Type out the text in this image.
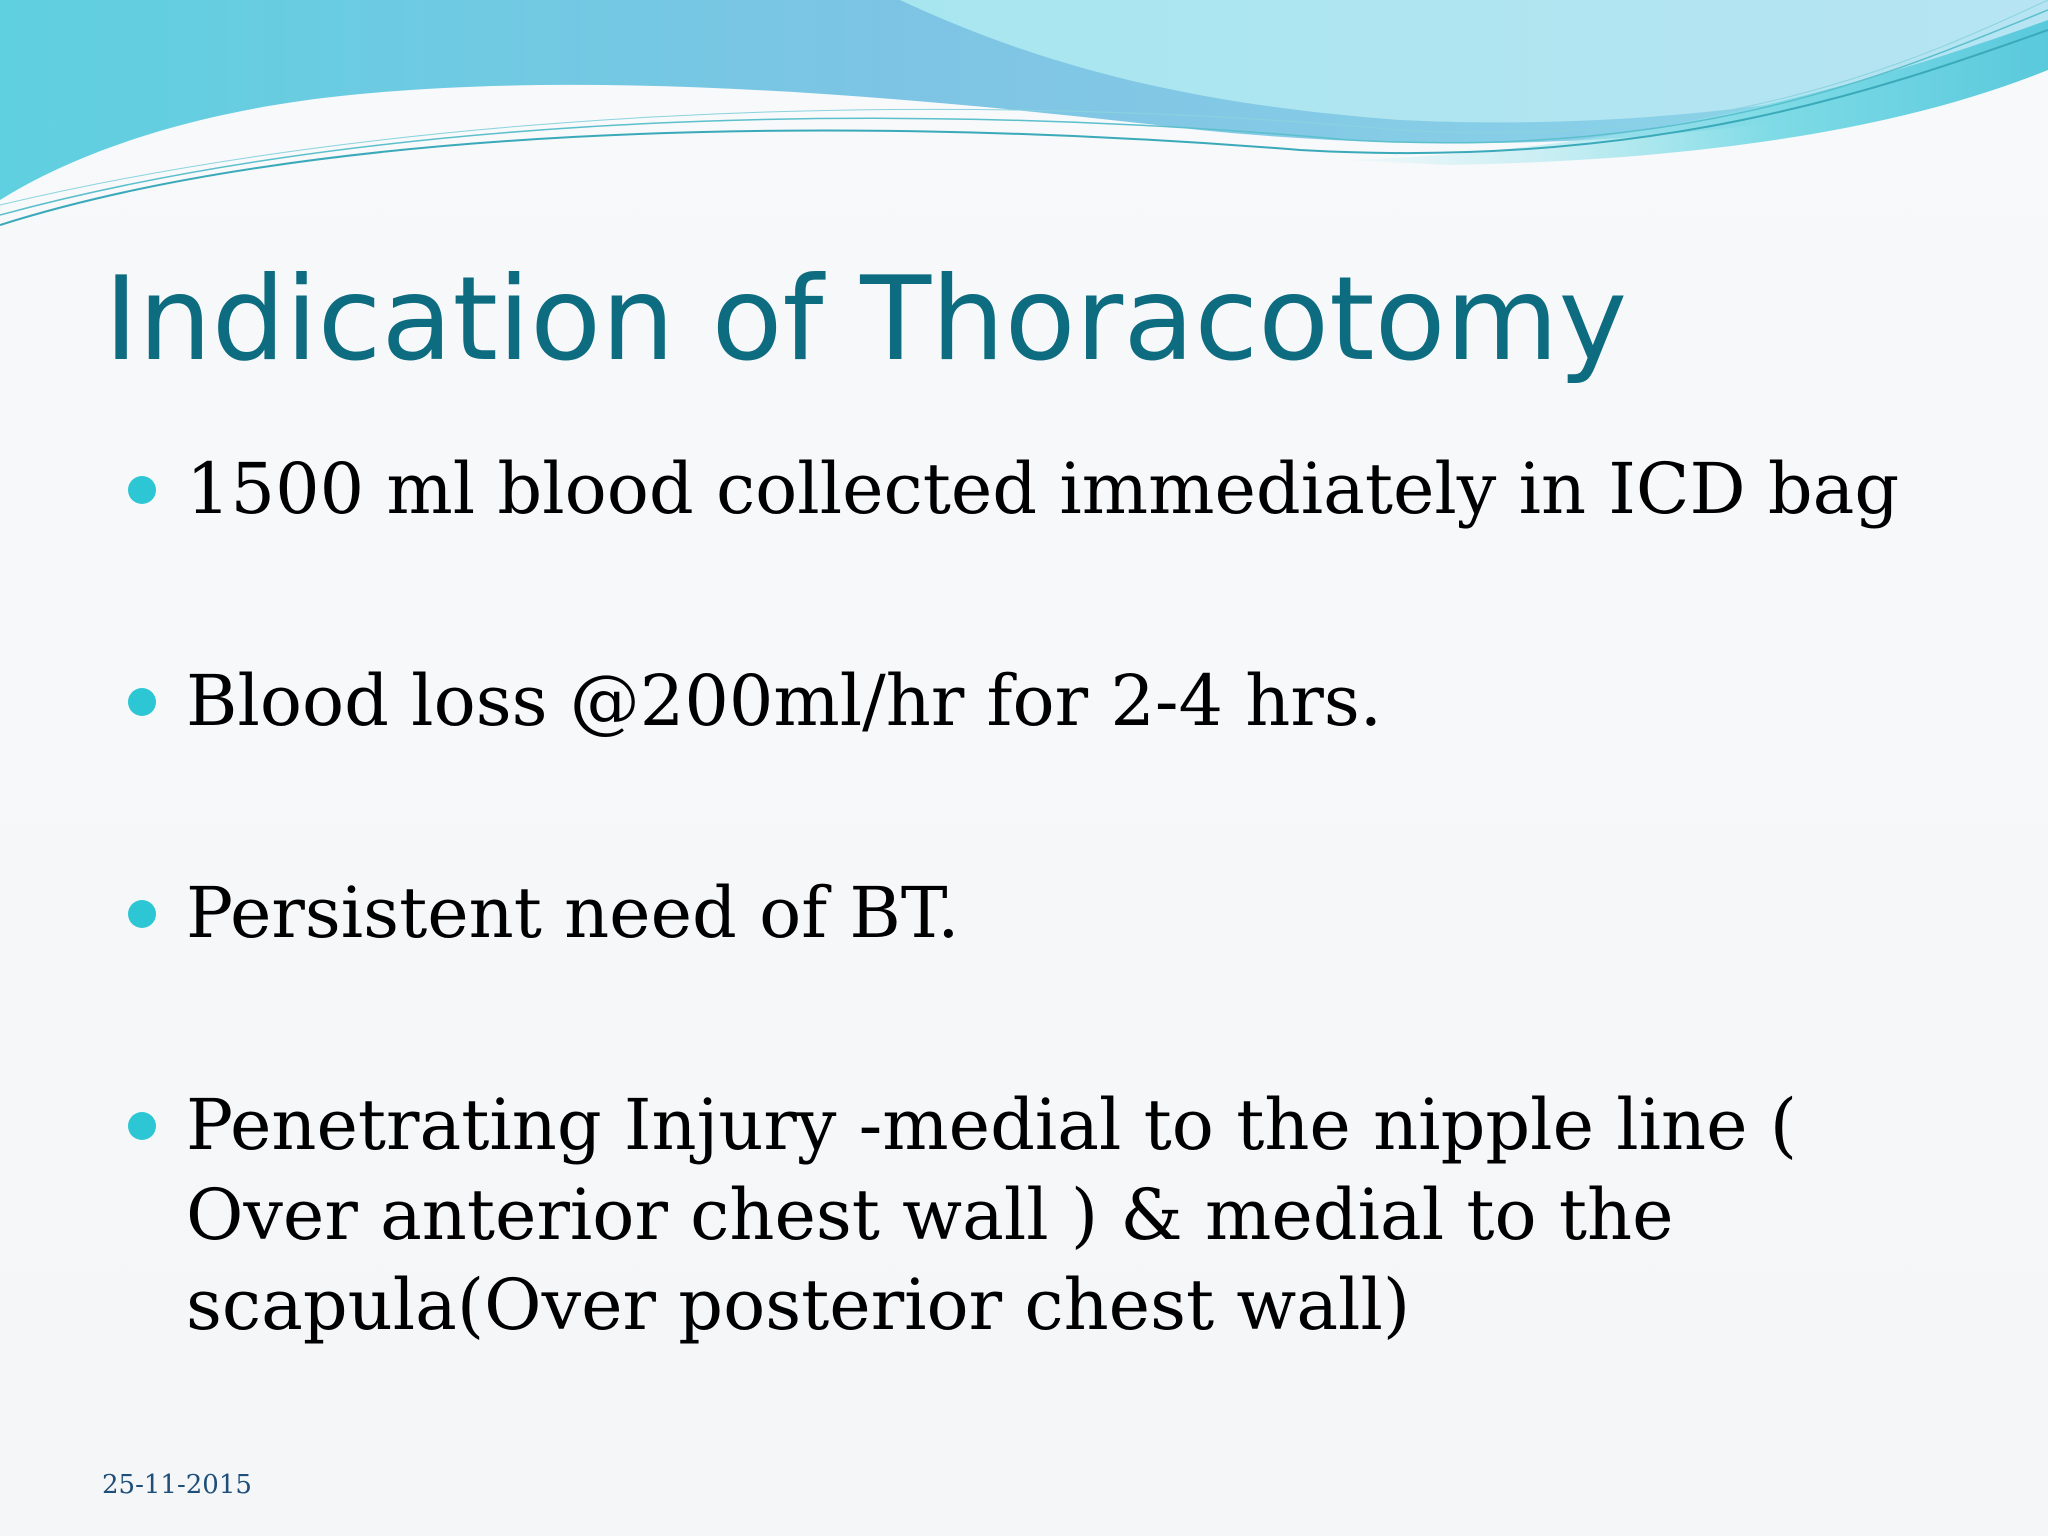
Indication of Thoracotomy
1500 ml blood collected immediately in ICD bag
Blood loss @200ml/hr for 2-4 hrs.
Persistent need of BT.
Penetrating Injury -medial to the nipple line ( Over anterior chest wall ) & medial to the scapula(Over posterior chest wall)
25-11-2015
